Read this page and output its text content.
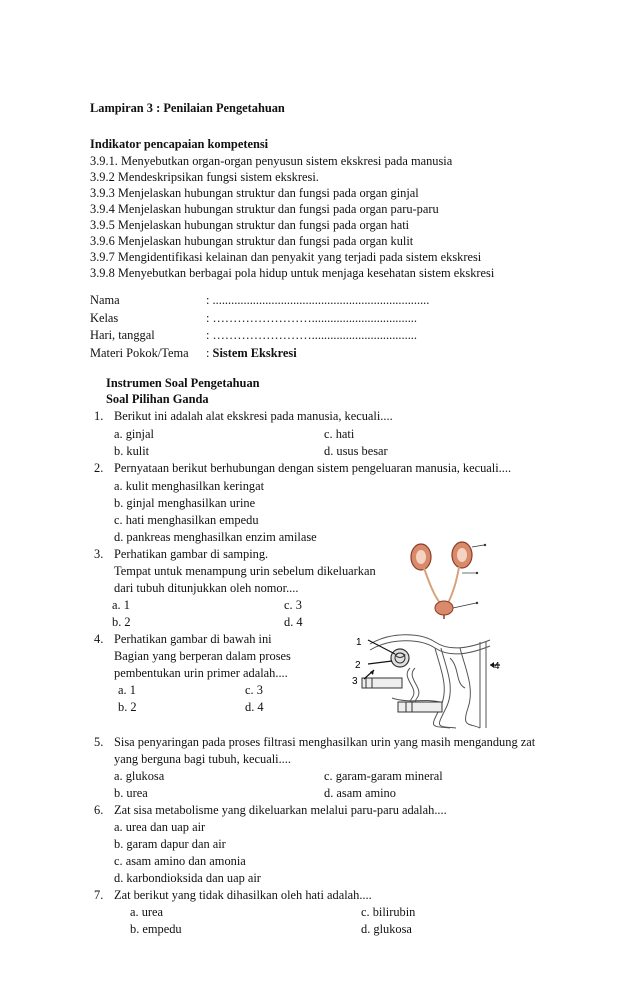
Lampiran 3 : Penilaian Pengetahuan
Indikator pencapaian kompetensi
3.9.1. Menyebutkan organ-organ penyusun sistem ekskresi pada manusia
3.9.2 Mendeskripsikan fungsi sistem ekskresi.
3.9.3 Menjelaskan hubungan struktur dan fungsi pada organ ginjal
3.9.4 Menjelaskan hubungan struktur dan fungsi pada organ paru-paru
3.9.5 Menjelaskan hubungan struktur dan fungsi pada organ hati
3.9.6 Menjelaskan hubungan struktur dan fungsi pada organ kulit
3.9.7 Mengidentifikasi kelainan dan penyakit yang terjadi pada sistem ekskresi
3.9.8 Menyebutkan berbagai pola hidup untuk menjaga kesehatan sistem ekskresi
Nama	: ......................................................................
Kelas	: ……………………..................................
Hari, tanggal	: ……………………..................................
Materi Pokok/Tema : Sistem Ekskresi
Instrumen Soal Pengetahuan
Soal Pilihan Ganda
1. Berikut ini adalah alat ekskresi pada manusia, kecuali....
a. ginjal	c. hati
b. kulit	d. usus besar
2. Pernyataan berikut berhubungan dengan sistem pengeluaran manusia, kecuali....
a. kulit menghasilkan keringat
b. ginjal menghasilkan urine
c. hati menghasilkan empedu
d. pankreas menghasilkan enzim amilase
3. Perhatikan gambar di samping.
Tempat untuk menampung urin sebelum dikeluarkan
dari tubuh ditunjukkan oleh nomor....
a. 1	c. 3
b. 2	d. 4
4. Perhatikan gambar di bawah ini
Bagian yang berperan dalam proses
pembentukan urin primer adalah....
a. 1	c. 3
b. 2	d. 4
1
2
3
4
5. Sisa penyaringan pada proses filtrasi menghasilkan urin yang masih mengandung zat
yang berguna bagi tubuh, kecuali....
a. glukosa	c. garam-garam mineral
b. urea	d. asam amino
6. Zat sisa metabolisme yang dikeluarkan melalui paru-paru adalah....
a. urea dan uap air
b. garam dapur dan air
c. asam amino dan amonia
d. karbondioksida dan uap air
7. Zat berikut yang tidak dihasilkan oleh hati adalah....
a. urea	c. bilirubin
b. empedu	d. glukosa
